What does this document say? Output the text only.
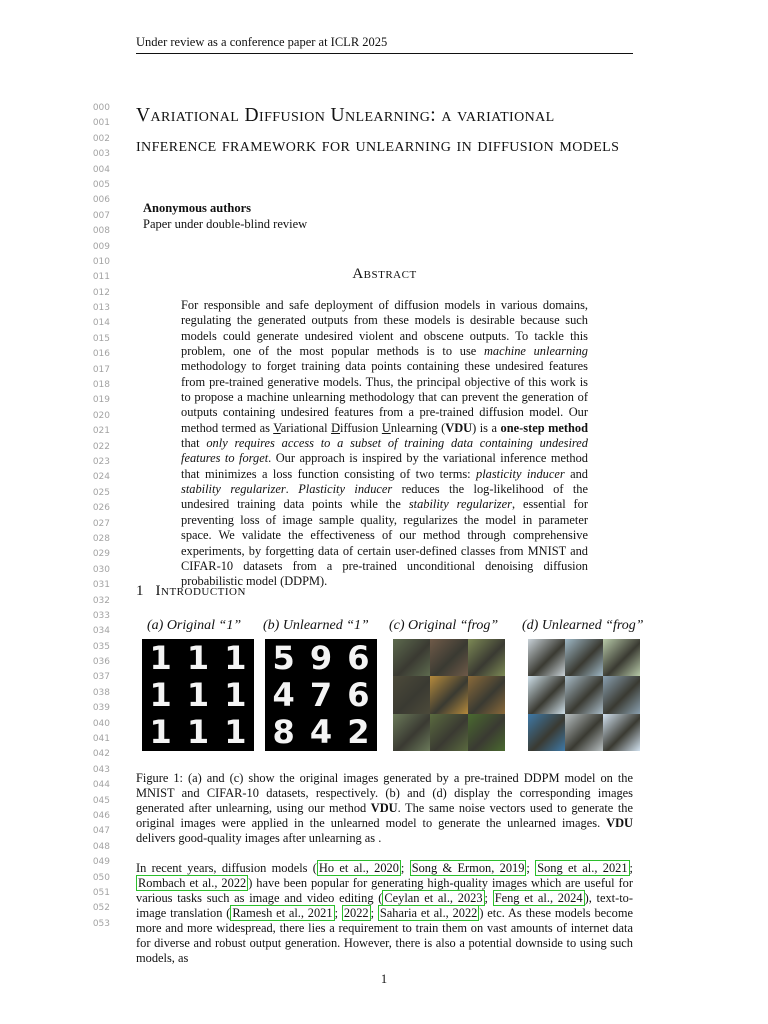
Under review as a conference paper at ICLR 2025
000
001
002
003
004
005
006
007
008
009
010
011
012
013
014
015
016
017
018
019
020
021
022
023
024
025
026
027
028
029
030
031
032
033
034
035
036
037
038
039
040
041
042
043
044
045
046
047
048
049
050
051
052
053
Variational Diffusion Unlearning: a variational inference framework for unlearning in diffusion models
Anonymous authors
Paper under double-blind review
Abstract

For responsible and safe deployment of diffusion models in various domains, regulating the generated outputs from these models is desirable because such models could generate undesired violent and obscene outputs. To tackle this problem, one of the most popular methods is to use machine unlearning methodology to forget training data points containing these undesired features from pre-trained generative models. Thus, the principal objective of this work is to propose a machine unlearning methodology that can prevent the generation of outputs containing undesired features from a pre-trained diffusion model. Our method termed as Variational Diffusion Unlearning (VDU) is a one-step method that only requires access to a subset of training data containing undesired features to forget. Our approach is inspired by the variational inference method that minimizes a loss function consisting of two terms: plasticity inducer and stability regularizer. Plasticity inducer reduces the log-likelihood of the undesired training data points while the stability regularizer, essential for preventing loss of image sample quality, regularizes the model in parameter space. We validate the effectiveness of our method through comprehensive experiments, by forgetting data of certain user-defined classes from MNIST and CIFAR-10 datasets from a pre-trained unconditional denoising diffusion probabilistic model (DDPM).

1 Introduction
(a) Original “1” (b) Unlearned “1” (c) Original “frog” (d) Unlearned “frog”
1 1 1
1 1 1
1 1 1
5 9 6
4 7 6
8 4 2
Figure 1: (a) and (c) show the original images generated by a pre-trained DDPM model on the MNIST and CIFAR-10 datasets, respectively. (b) and (d) display the corresponding images generated after unlearning, using our method VDU. The same noise vectors used to generate the original images were applied in the unlearned model to generate the unlearned images. VDU delivers good-quality images after unlearning as .
In recent years, diffusion models ( Ho et al., 2020 ; Song & Ermon, 2019 ; Song et al., 2021 ; Rombach et al., 2022 ) have been popular for generating high-quality images which are useful for various tasks such as image and video editing ( Ceylan et al., 2023 ; Feng et al., 2024 ), text-to-image translation ( Ramesh et al., 2021 ; 2022 ; Saharia et al., 2022 ) etc. As these models become more and more widespread, there lies a requirement to train them on vast amounts of internet data for diverse and robust output generation. However, there is also a potential downside to using such models, as
1
